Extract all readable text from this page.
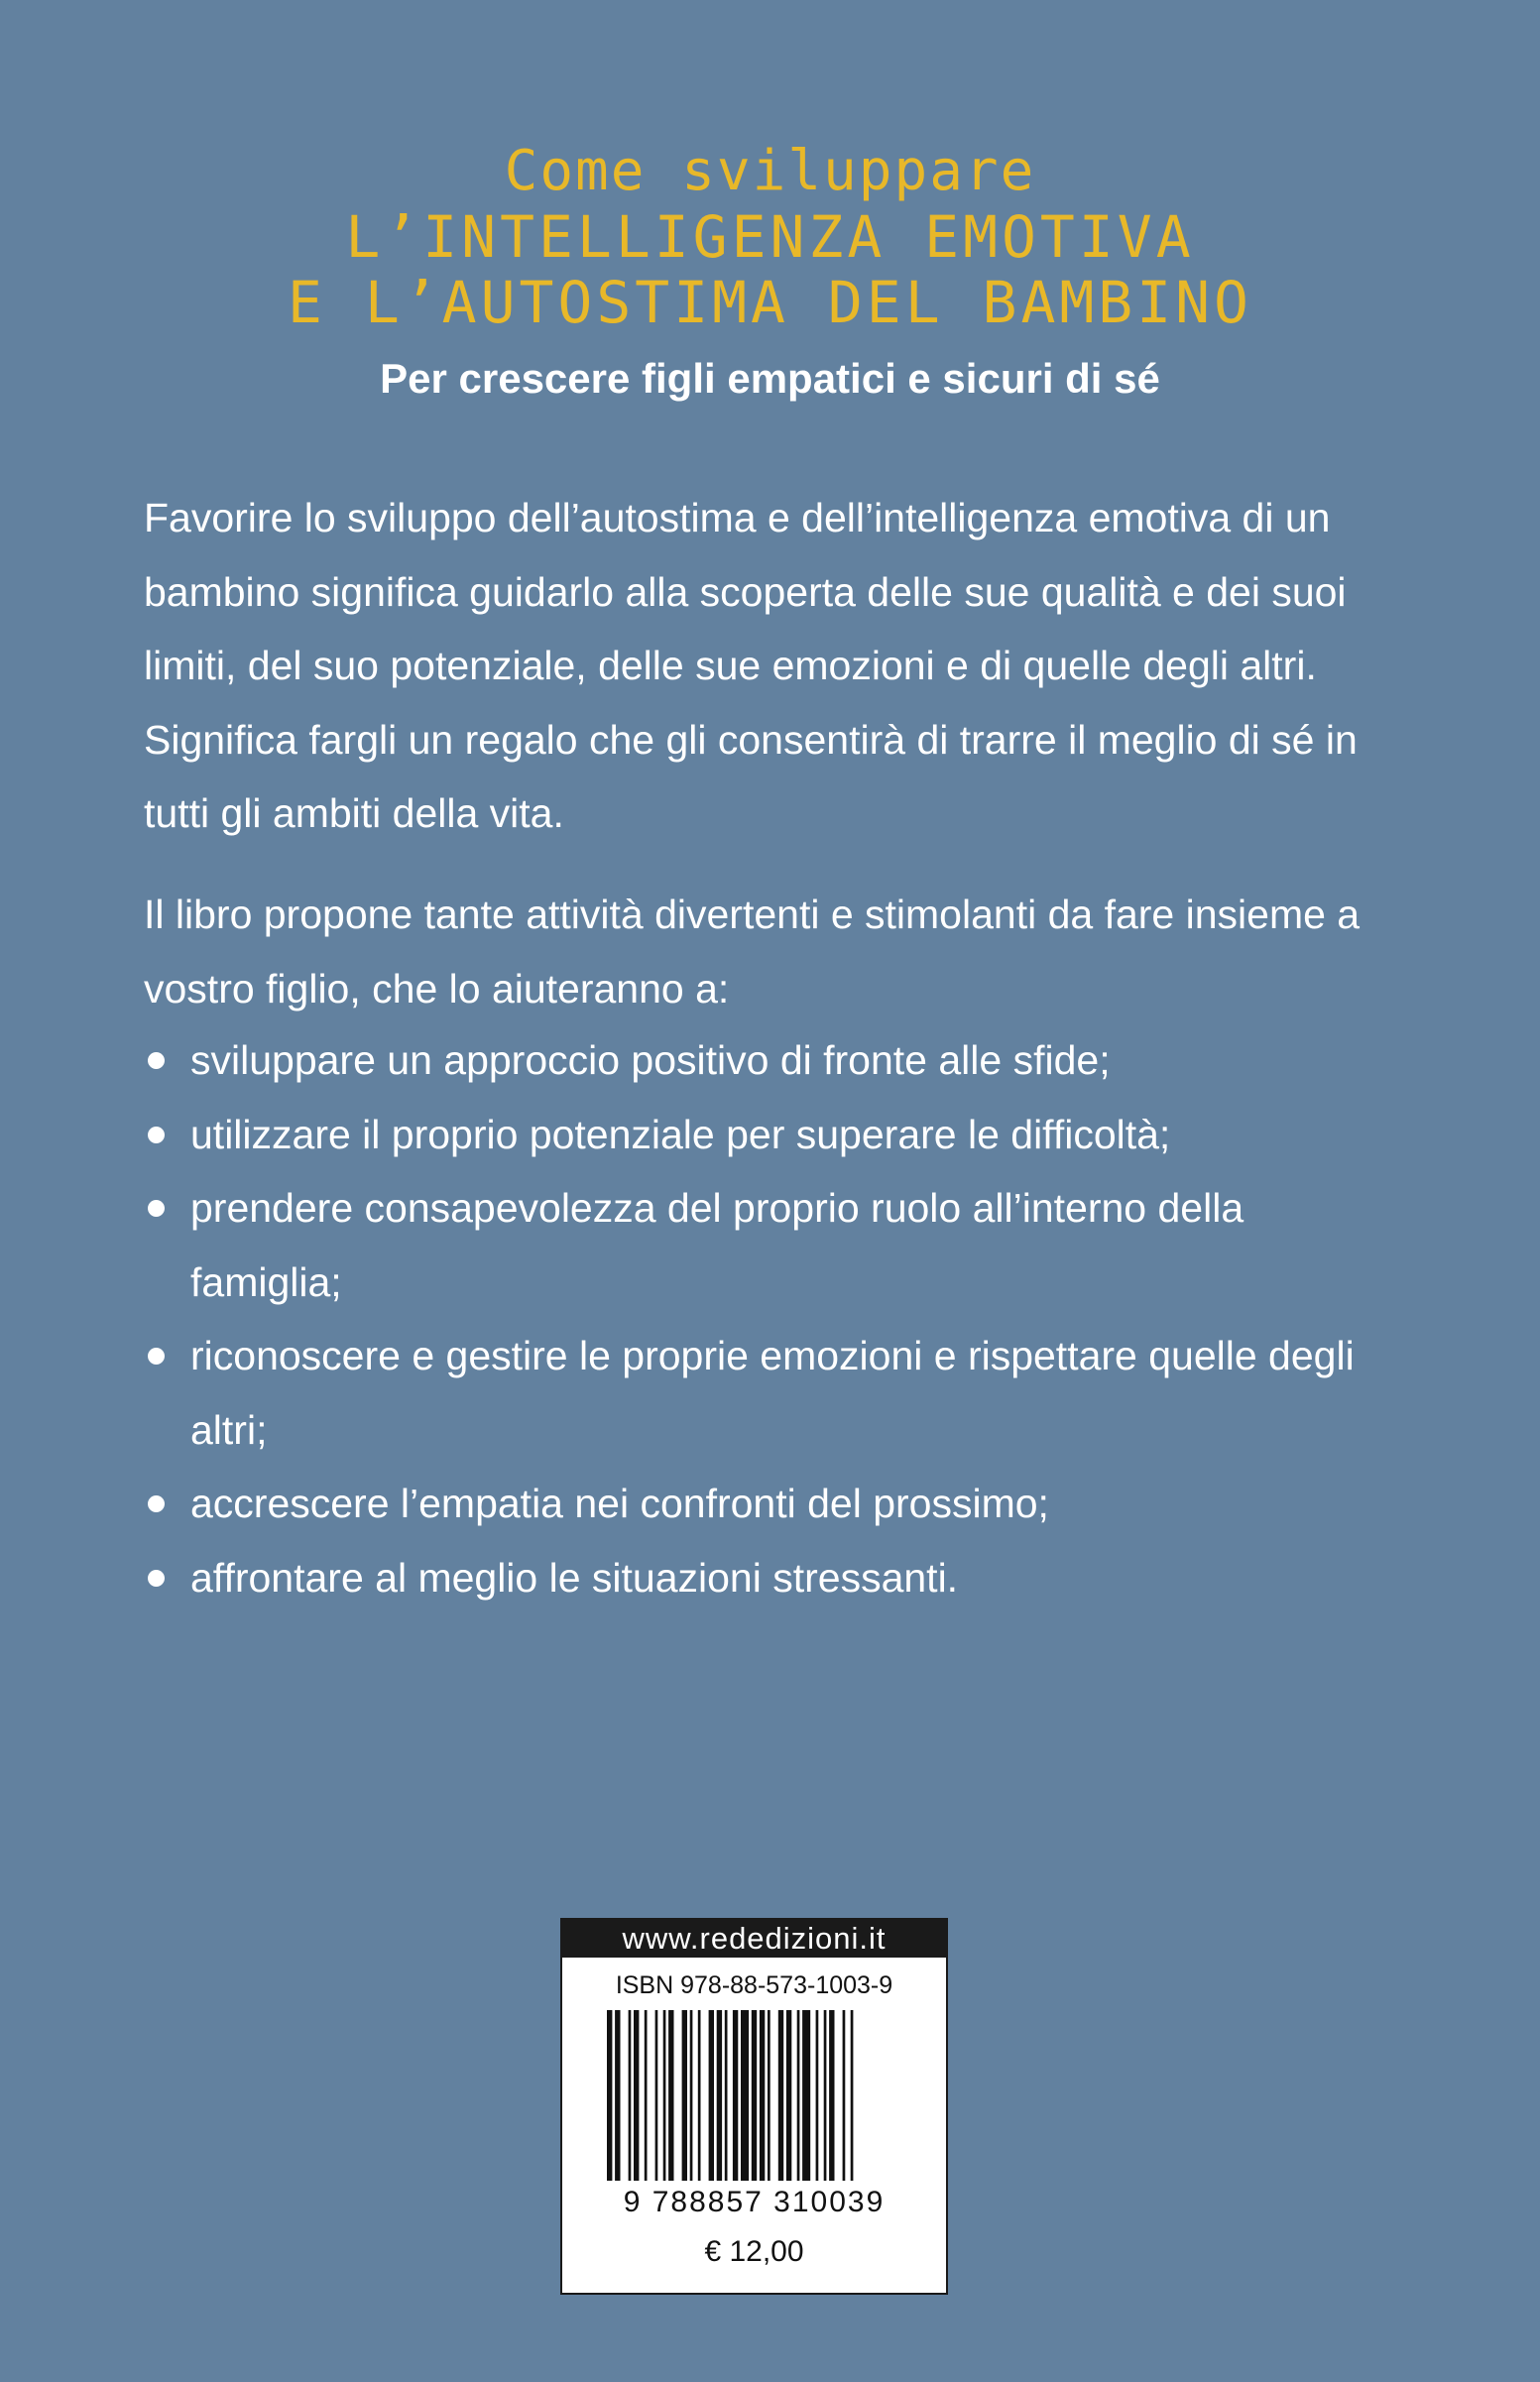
Come sviluppare
L’INTELLIGENZA EMOTIVA
E L’AUTOSTIMA DEL BAMBINO
Per crescere figli empatici e sicuri di sé
Favorire lo sviluppo dell’autostima e dell’intelligenza emotiva di un bambino significa guidarlo alla scoperta delle sue qualità e dei suoi limiti, del suo potenziale, delle sue emozioni e di quelle degli altri. Significa fargli un regalo che gli consentirà di trarre il meglio di sé in tutti gli ambiti della vita.
Il libro propone tante attività divertenti e stimolanti da fare insieme a vostro figlio, che lo aiuteranno a:
sviluppare un approccio positivo di fronte alle sfide;
utilizzare il proprio potenziale per superare le difficoltà;
prendere consapevolezza del proprio ruolo all’interno della famiglia;
riconoscere e gestire le proprie emozioni e rispettare quelle degli altri;
accrescere l’empatia nei confronti del prossimo;
affrontare al meglio le situazioni stressanti.
www.rededizioni.it
ISBN 978-88-573-1003-9
9 788857 310039
€ 12,00
